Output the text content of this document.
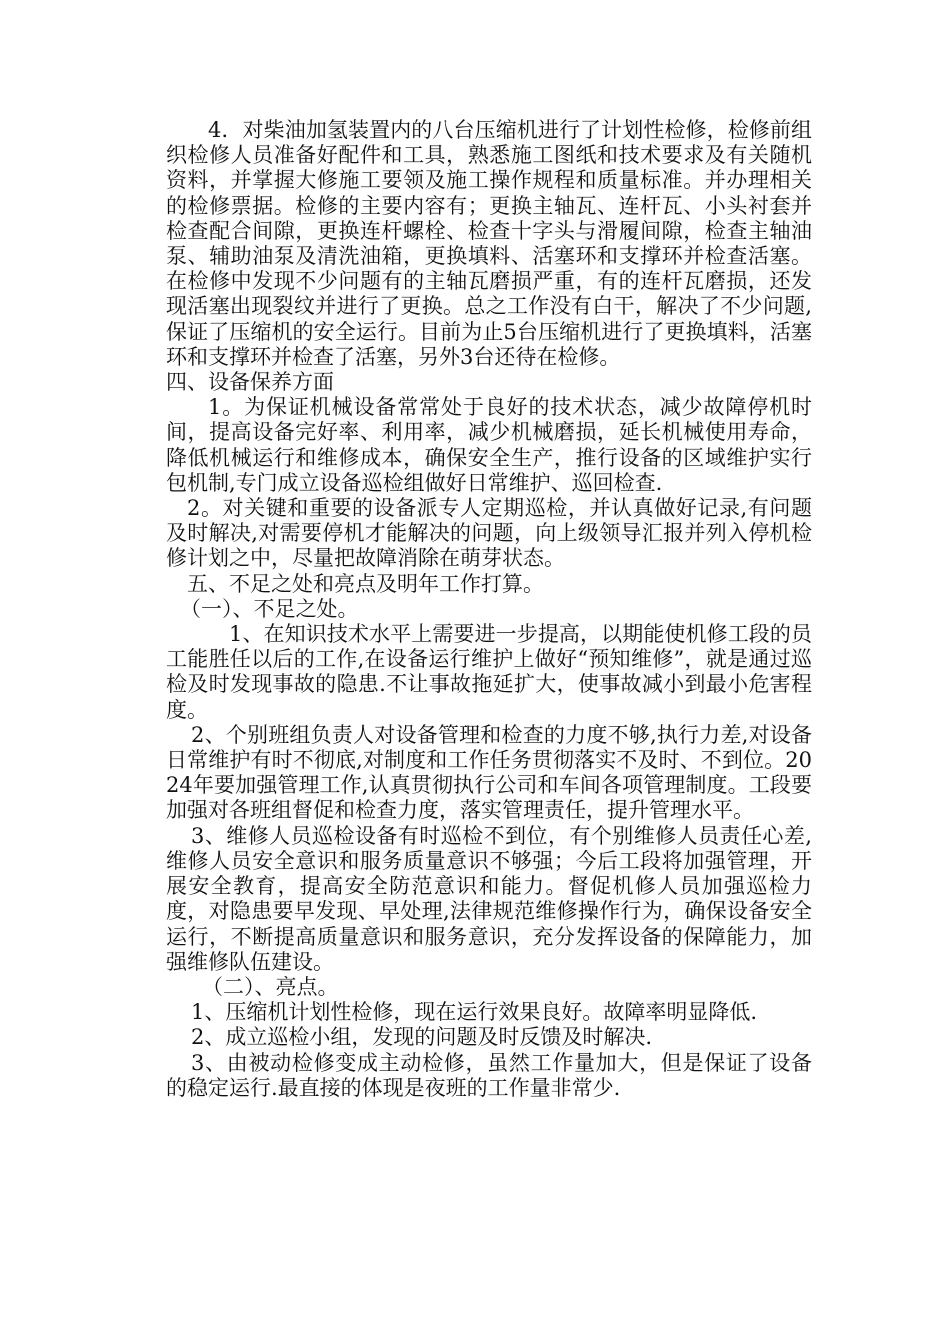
4．对柴油加氢装置内的八台压缩机进行了计划性检修，检修前组织检修人员准备好配件和工具，熟悉施工图纸和技术要求及有关随机资料，并掌握大修施工要领及施工操作规程和质量标准。并办理相关的检修票据。检修的主要内容有；更换主轴瓦、连杆瓦、小头衬套并检查配合间隙，更换连杆螺栓、检查十字头与滑履间隙，检查主轴油泵、辅助油泵及清洗油箱，更换填料、活塞环和支撑环并检查活塞。在检修中发现不少问题有的主轴瓦磨损严重，有的连杆瓦磨损，还发现活塞出现裂纹并进行了更换。总之工作没有白干，解决了不少问题,保证了压缩机的安全运行。目前为止5台压缩机进行了更换填料，活塞环和支撑环并检查了活塞，另外3台还待在检修。

四、设备保养方面

1。为保证机械设备常常处于良好的技术状态，减少故障停机时间，提高设备完好率、利用率，减少机械磨损，延长机械使用寿命，降低机械运行和维修成本，确保安全生产，推行设备的区域维护实行包机制,专门成立设备巡检组做好日常维护、巡回检查.

2。对关键和重要的设备派专人定期巡检，并认真做好记录,有问题及时解决,对需要停机才能解决的问题，向上级领导汇报并列入停机检修计划之中，尽量把故障消除在萌芽状态。

五、不足之处和亮点及明年工作打算。

（一）、不足之处。

1、在知识技术水平上需要进一步提高，以期能使机修工段的员工能胜任以后的工作,在设备运行维护上做好“预知维修”，就是通过巡检及时发现事故的隐患.不让事故拖延扩大，使事故减小到最小危害程度。

2、个别班组负责人对设备管理和检查的力度不够,执行力差,对设备日常维护有时不彻底,对制度和工作任务贯彻落实不及时、不到位。2024年要加强管理工作,认真贯彻执行公司和车间各项管理制度。工段要加强对各班组督促和检查力度，落实管理责任，提升管理水平。

3、维修人员巡检设备有时巡检不到位，有个别维修人员责任心差,维修人员安全意识和服务质量意识不够强；今后工段将加强管理，开展安全教育，提高安全防范意识和能力。督促机修人员加强巡检力度，对隐患要早发现、早处理,法律规范维修操作行为，确保设备安全运行，不断提高质量意识和服务意识，充分发挥设备的保障能力，加强维修队伍建设。

（二）、亮点。

1、压缩机计划性检修，现在运行效果良好。故障率明显降低.

2、成立巡检小组，发现的问题及时反馈及时解决.

3、由被动检修变成主动检修，虽然工作量加大，但是保证了设备的稳定运行.最直接的体现是夜班的工作量非常少.
